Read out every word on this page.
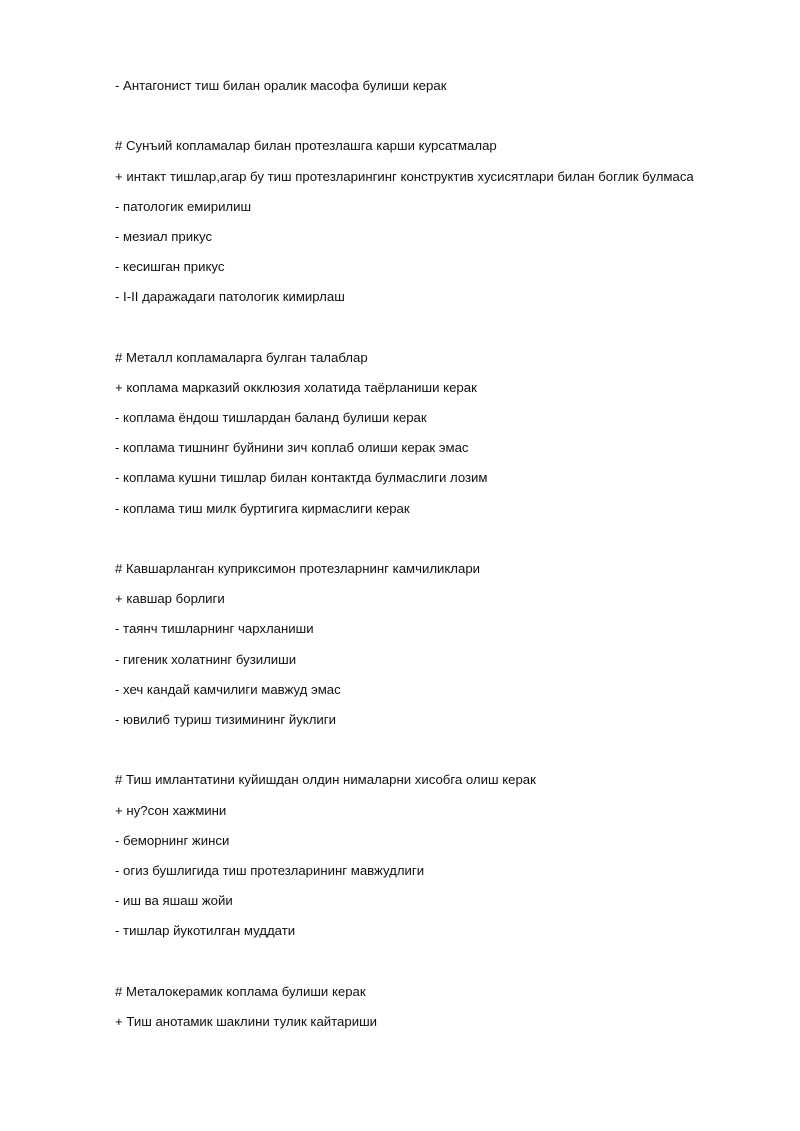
- Антагонист тиш билан оралик масофа булиши керак
# Сунъий копламалар билан протезлашга карши курсатмалар
+ интакт тишлар,агар бу тиш протезларингинг конструктив хусисятлари билан боглик булмаса
- патологик емирилиш
- мезиал прикус
- кесишган прикус
- I-II даражадаги патологик кимирлаш
# Металл копламаларга булган талаблар
+ коплама марказий окклюзия холатида таёрланиши керак
- коплама ёндош тишлардан баланд булиши керак
- коплама тишнинг буйнини зич коплаб олиши керак эмас
- коплама кушни тишлар билан контактда булмаслиги лозим
- коплама тиш милк буртигига кирмаслиги керак
# Кавшарланган куприксимон протезларнинг камчиликлари
+ кавшар борлиги
- таянч тишларнинг чархланиши
- гигеник холатнинг бузилиши
- хеч кандай камчилиги мавжуд эмас
- ювилиб туриш тизимининг йуклиги
# Тиш имлантатини куйишдан олдин нималарни хисобга олиш керак
+ ну?сон хажмини
- беморнинг жинси
- огиз бушлигида тиш протезларининг мавжудлиги
- иш ва яшаш жойи
- тишлар йукотилган муддати
# Металокерамик коплама булиши керак
+ Тиш анотамик шаклини тулик кайтариши
